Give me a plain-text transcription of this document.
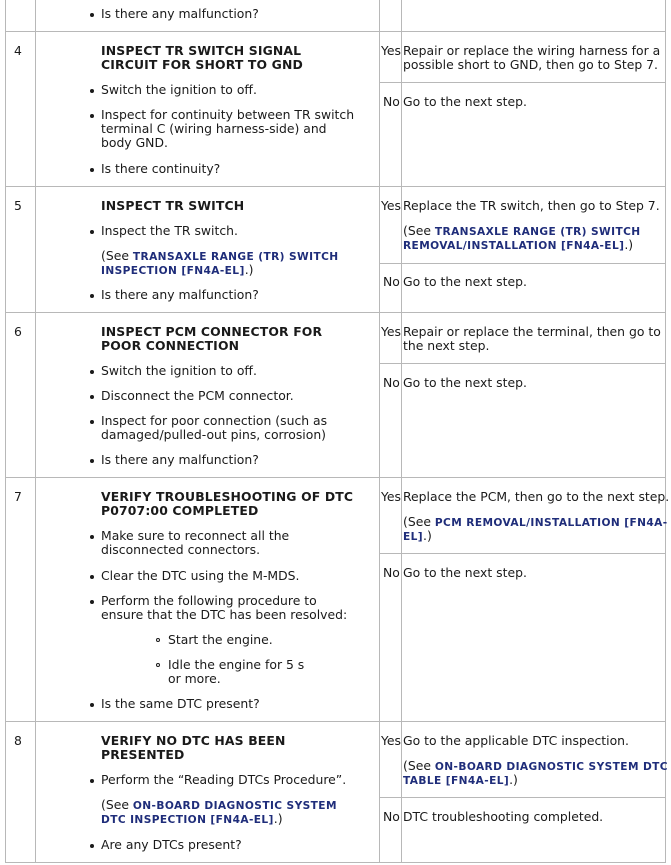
Is there any malfunction?
4	INSPECT TR SWITCH SIGNAL
CIRCUIT FOR SHORT TO GND
Switch the ignition to off.
Inspect for continuity between TR switch
terminal C (wiring harness-side) and
body GND.
Is there continuity?
Yes Repair or replace the wiring harness for a
possible short to GND, then go to Step 7.
No Go to the next step.
5	INSPECT TR SWITCH
Inspect the TR switch.
(See TRANSAXLE RANGE (TR) SWITCH
INSPECTION [FN4A-EL].)
Is there any malfunction?
Yes Replace the TR switch, then go to Step 7.
(See TRANSAXLE RANGE (TR) SWITCH
REMOVAL/INSTALLATION [FN4A-EL].)
No Go to the next step.
6	INSPECT PCM CONNECTOR FOR
POOR CONNECTION
Switch the ignition to off.
Disconnect the PCM connector.
Inspect for poor connection (such as
damaged/pulled-out pins, corrosion)
Is there any malfunction?
Yes Repair or replace the terminal, then go to
the next step.
No Go to the next step.
7	VERIFY TROUBLESHOOTING OF DTC
P0707:00 COMPLETED
Make sure to reconnect all the
disconnected connectors.
Clear the DTC using the M-MDS.
Perform the following procedure to
ensure that the DTC has been resolved:
Start the engine.
Idle the engine for 5 s
or more.
Is the same DTC present?
Yes Replace the PCM, then go to the next step.
(See PCM REMOVAL/INSTALLATION [FN4A-
EL].)
No Go to the next step.
8	VERIFY NO DTC HAS BEEN
PRESENTED
Perform the “Reading DTCs Procedure”.
(See ON-BOARD DIAGNOSTIC SYSTEM
DTC INSPECTION [FN4A-EL].)
Are any DTCs present?
Yes Go to the applicable DTC inspection.
(See ON-BOARD DIAGNOSTIC SYSTEM DTC
TABLE [FN4A-EL].)
No DTC troubleshooting completed.
